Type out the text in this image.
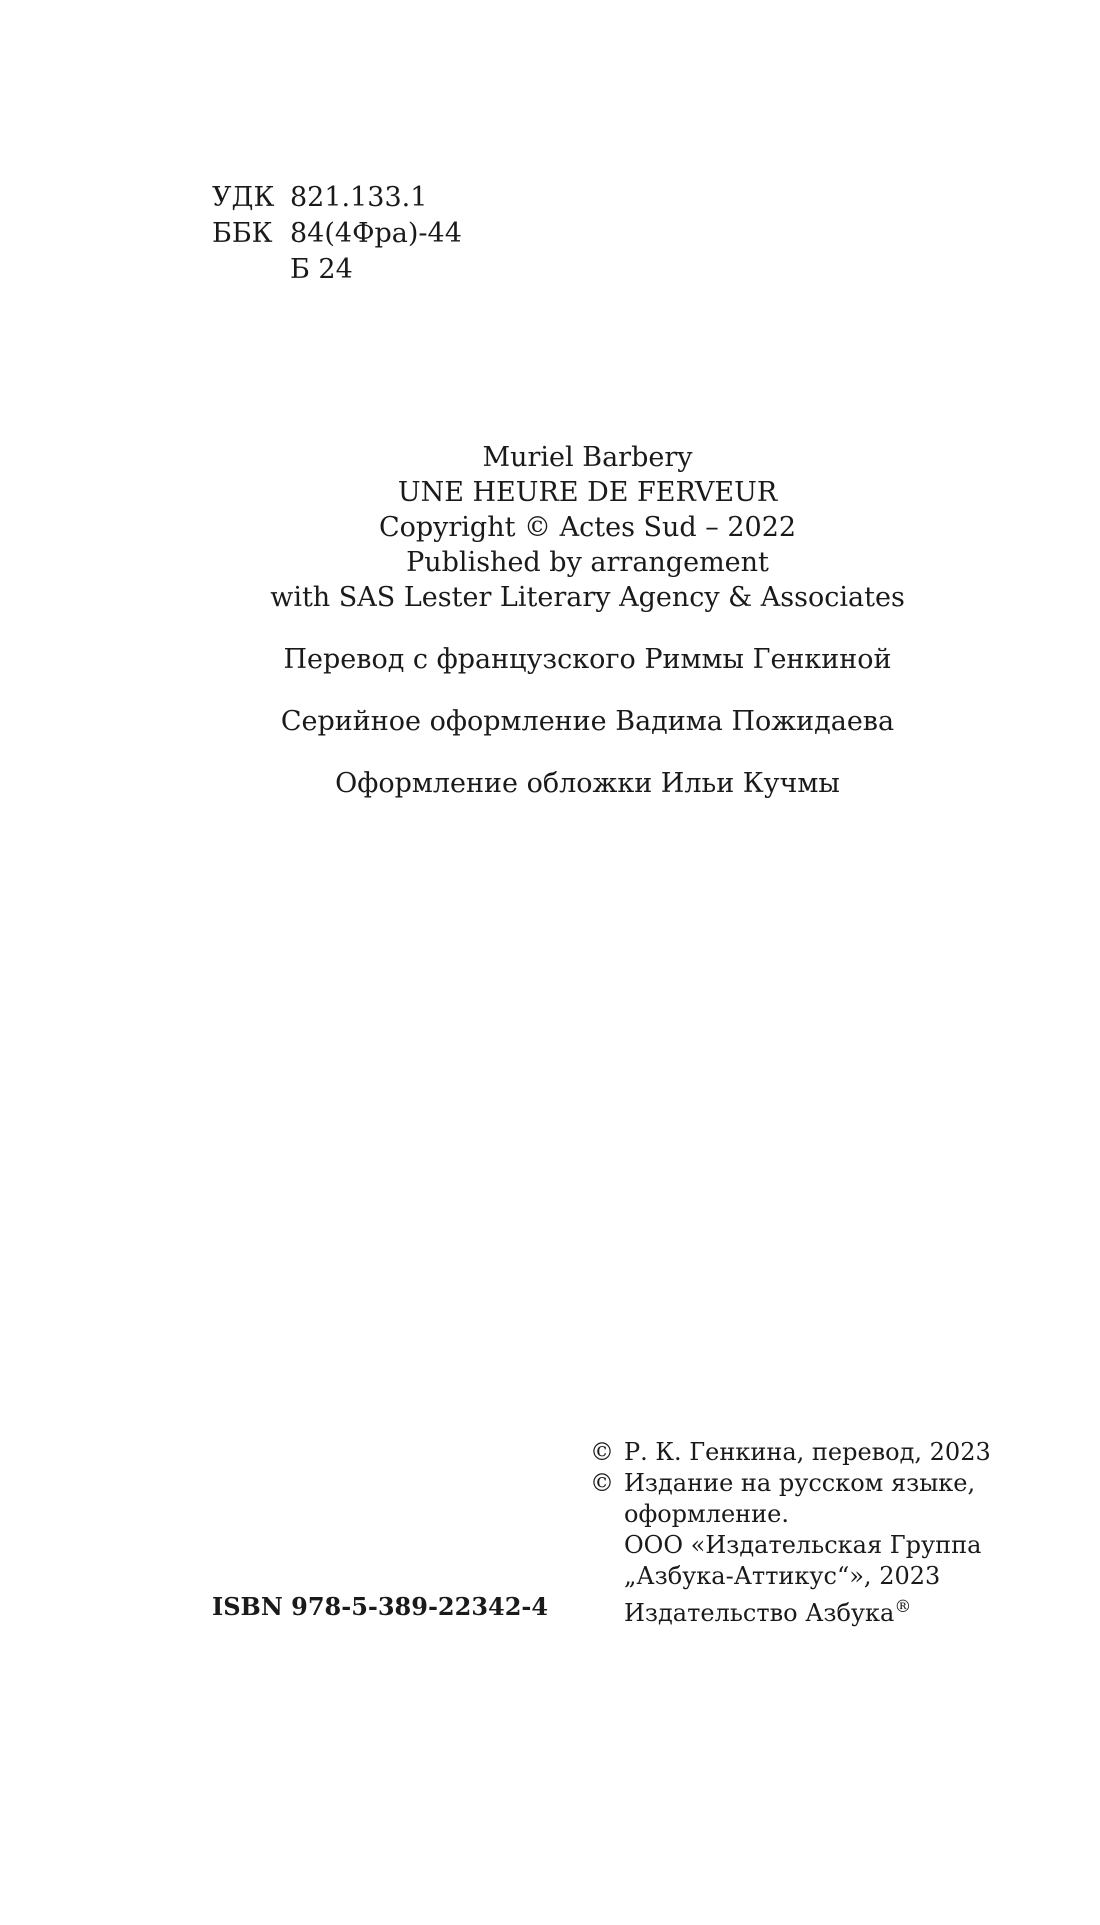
УДК 821.133.1
ББК 84(4Фра)-44
Б 24
Muriel Barbery
UNE HEURE DE FERVEUR
Copyright © Actes Sud – 2022
Published by arrangement
with SAS Lester Literary Agency & Associates
Перевод с французского Риммы Генкиной
Серийное оформление Вадима Пожидаева
Оформление обложки Ильи Кучмы
ISBN 978-5-389-22342-4
© Р. К. Генкина, перевод, 2023
© Издание на русском языке,
оформление.
ООО «Издательская Группа
„Азбука-Аттикус“», 2023
Издательство Азбука®
